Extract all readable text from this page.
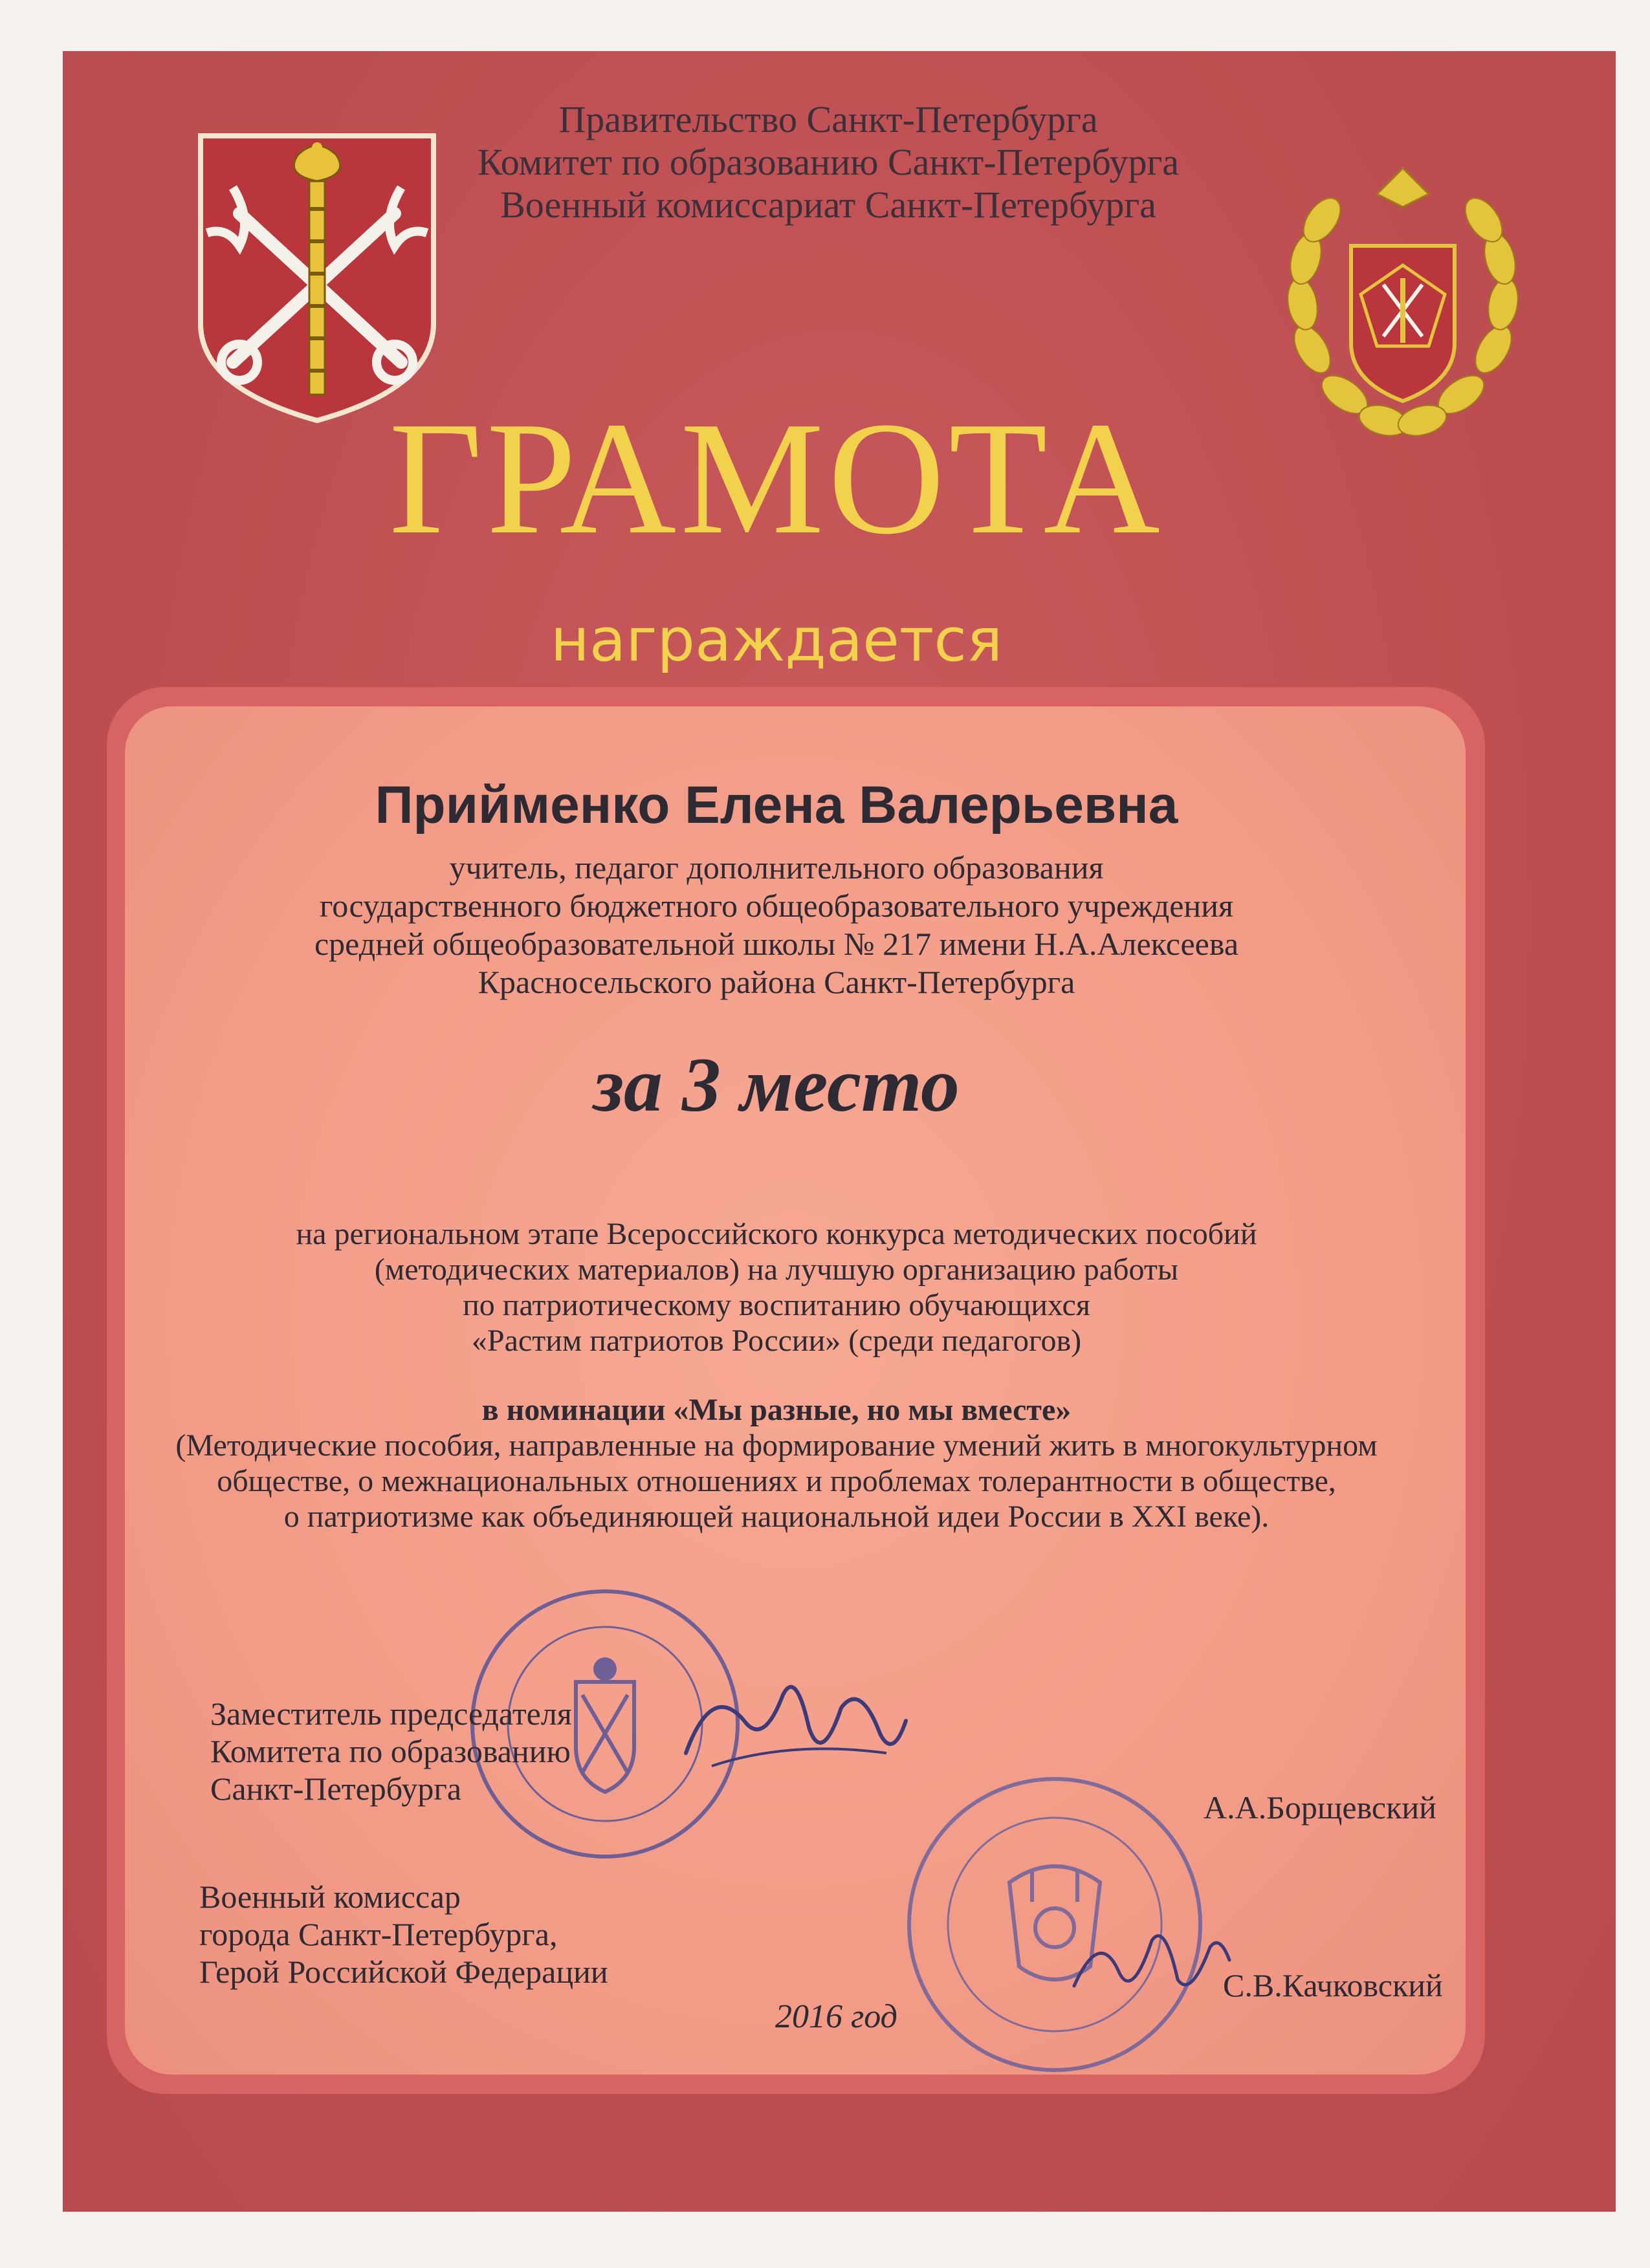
Правительство Санкт-Петербурга
Комитет по образованию Санкт-Петербурга
Военный комиссариат Санкт-Петербурга
ГРАМОТА
награждается
Прийменко Елена Валерьевна
учитель, педагог дополнительного образования
государственного бюджетного общеобразовательного учреждения
средней общеобразовательной школы № 217 имени Н.А.Алексеева
Красносельского района Санкт-Петербурга
за 3 место
на региональном этапе Всероссийского конкурса методических пособий
(методических материалов) на лучшую организацию работы
по патриотическому воспитанию обучающихся
«Растим патриотов России» (среди педагогов)
в номинации «Мы разные, но мы вместе»
(Методические пособия, направленные на формирование умений жить в многокультурном
обществе, о межнациональных отношениях и проблемах толерантности в обществе,
о патриотизме как объединяющей национальной идеи России в XXI веке).
Заместитель председателя
Комитета по образованию
Санкт-Петербурга
А.А.Борщевский
Военный комиссар
города Санкт-Петербурга,
Герой Российской Федерации	С.В.Качковский
2016 год
